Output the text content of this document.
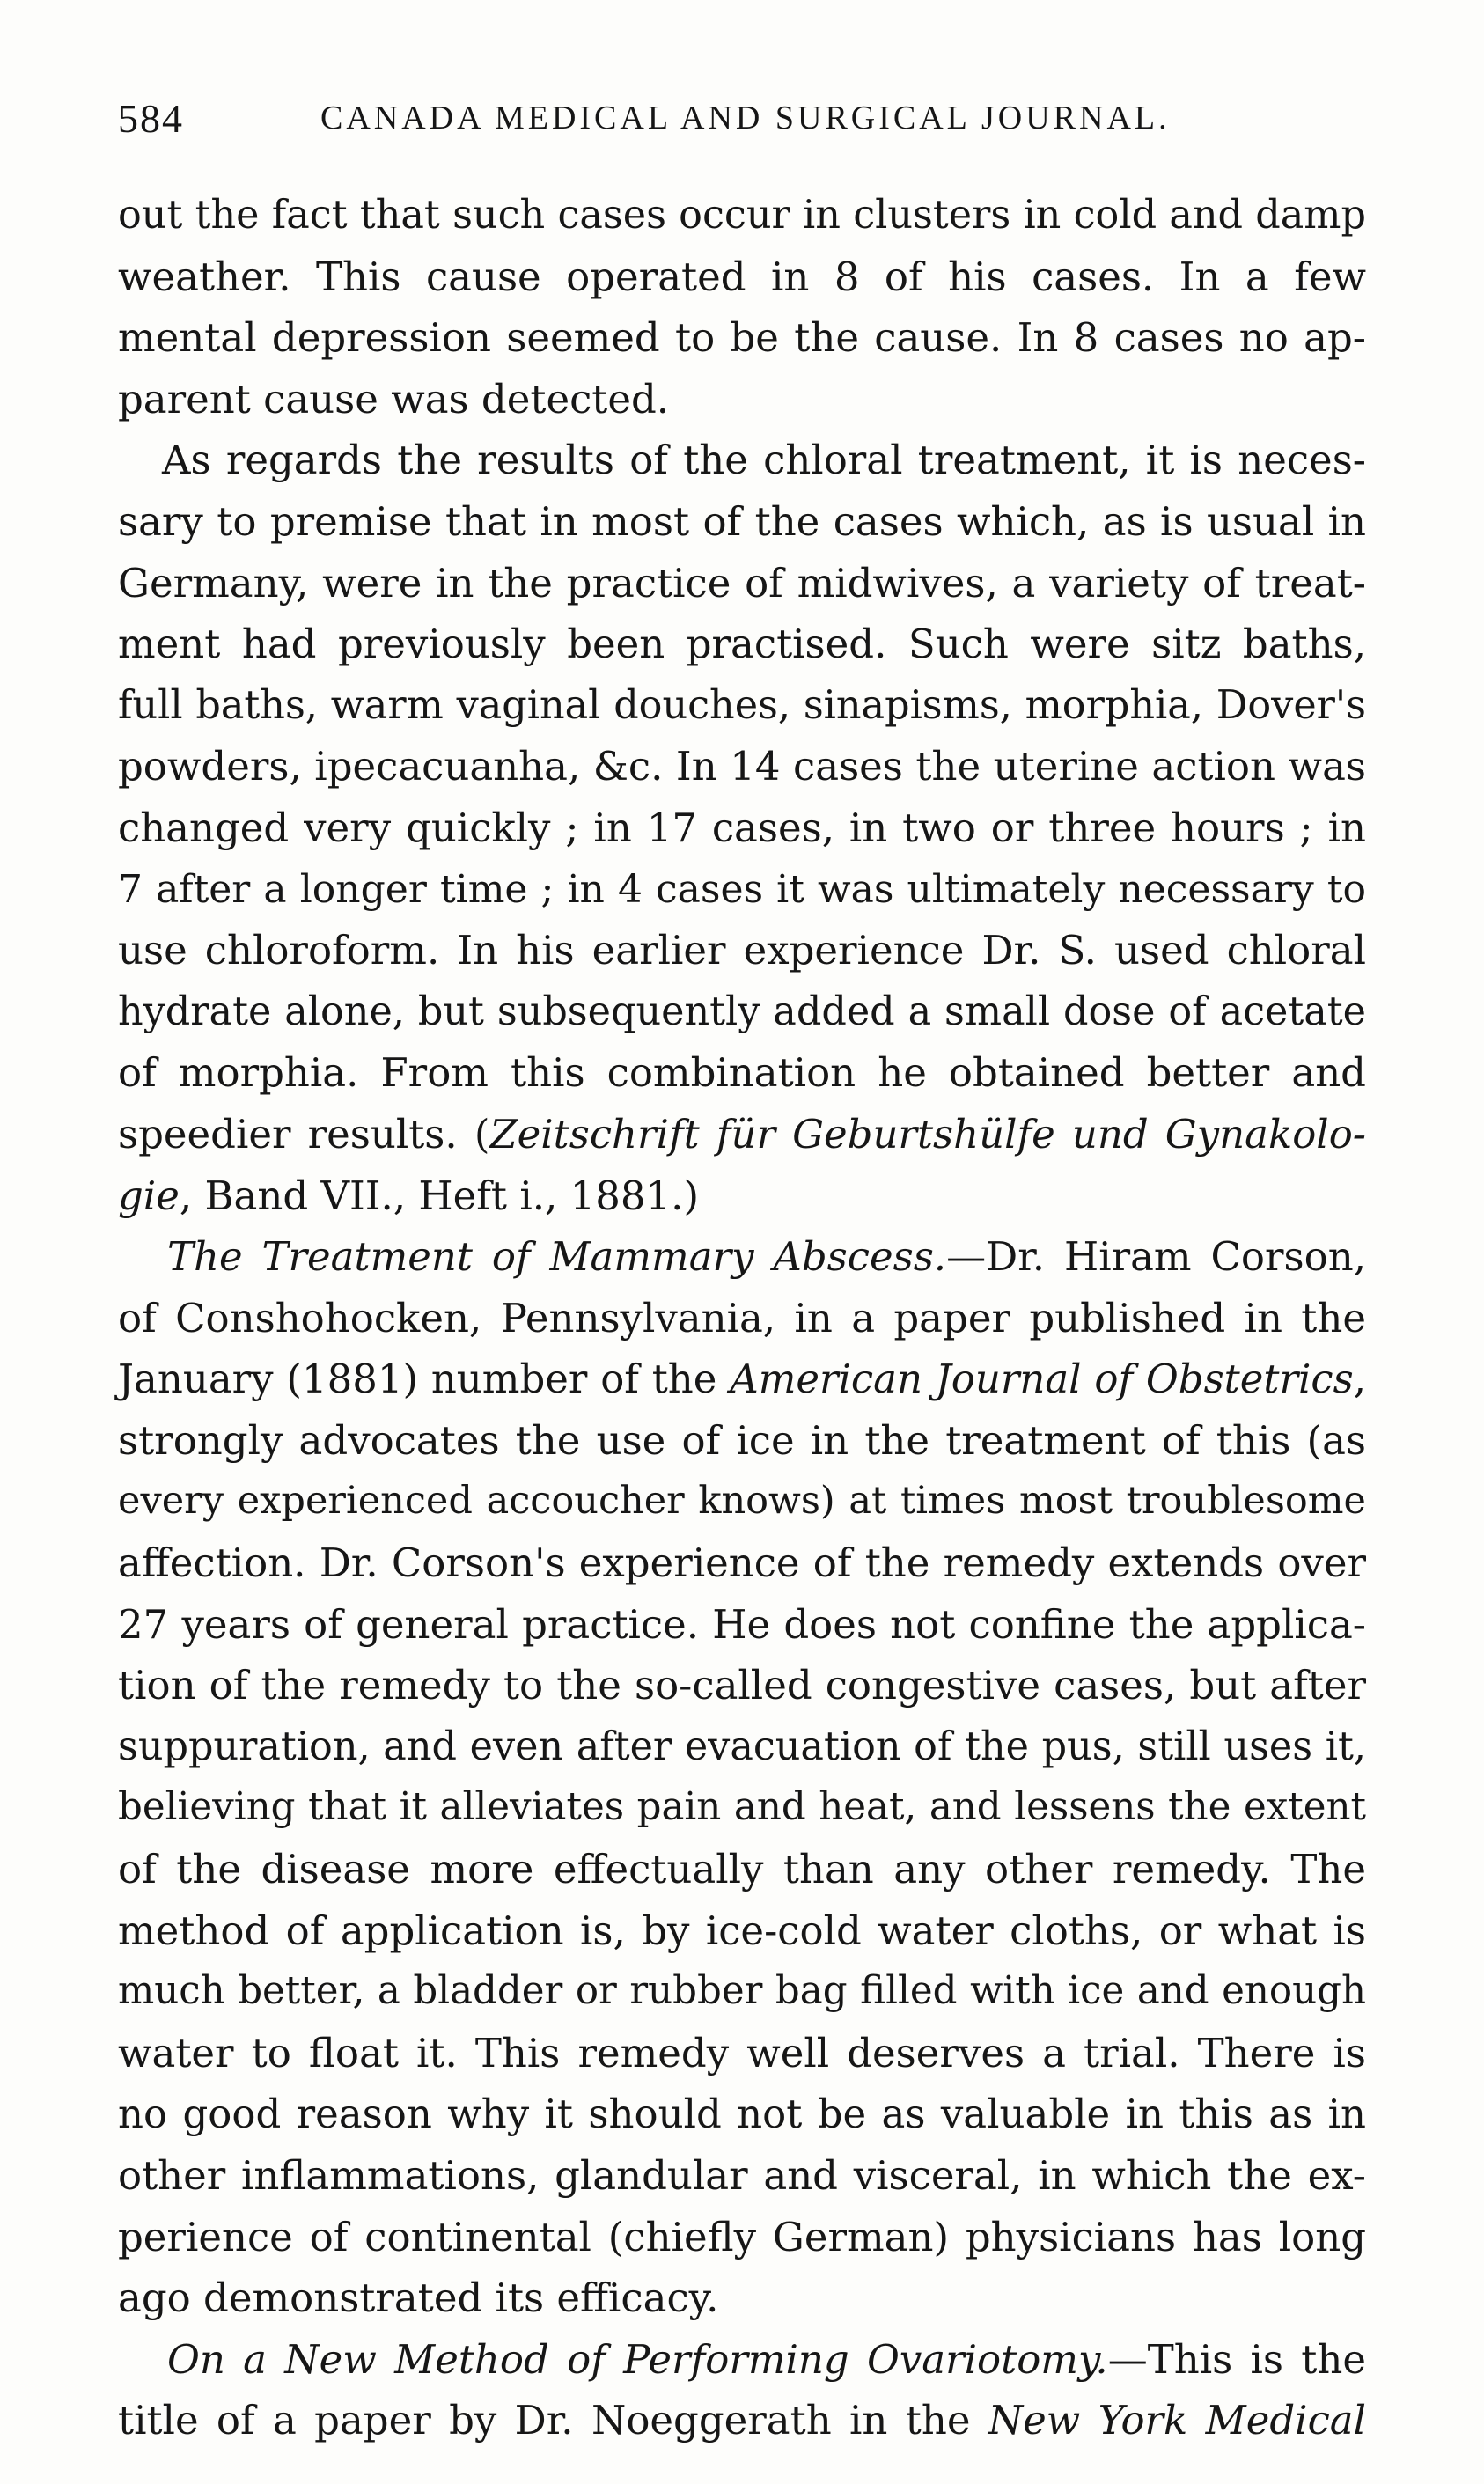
584	CANADA MEDICAL AND SURGICAL JOURNAL.
out the fact that such cases occur in clusters in cold and damp
weather. This cause operated in 8 of his cases. In a few
mental depression seemed to be the cause. In 8 cases no ap-
parent cause was detected.
As regards the results of the chloral treatment, it is neces-
sary to premise that in most of the cases which, as is usual in
Germany, were in the practice of midwives, a variety of treat-
ment had previously been practised. Such were sitz baths,
full baths, warm vaginal douches, sinapisms, morphia, Dover's
powders, ipecacuanha, &c. In 14 cases the uterine action was
changed very quickly ; in 17 cases, in two or three hours ; in
7 after a longer time ; in 4 cases it was ultimately necessary to
use chloroform. In his earlier experience Dr. S. used chloral
hydrate alone, but subsequently added a small dose of acetate
of morphia. From this combination he obtained better and
speedier results. (Zeitschrift für Geburtshülfe und Gynakolo-
gie, Band VII., Heft i., 1881.)
The Treatment of Mammary Abscess.—Dr. Hiram Corson,
of Conshohocken, Pennsylvania, in a paper published in the
January (1881) number of the American Journal of Obstetrics,
strongly advocates the use of ice in the treatment of this (as
every experienced accoucher knows) at times most troublesome
affection. Dr. Corson's experience of the remedy extends over
27 years of general practice. He does not confine the applica-
tion of the remedy to the so-called congestive cases, but after
suppuration, and even after evacuation of the pus, still uses it,
believing that it alleviates pain and heat, and lessens the extent
of the disease more effectually than any other remedy. The
method of application is, by ice-cold water cloths, or what is
much better, a bladder or rubber bag filled with ice and enough
water to float it. This remedy well deserves a trial. There is
no good reason why it should not be as valuable in this as in
other inflammations, glandular and visceral, in which the ex-
perience of continental (chiefly German) physicians has long
ago demonstrated its efficacy.
On a New Method of Performing Ovariotomy.—This is the
title of a paper by Dr. Noeggerath in the New York Medical
